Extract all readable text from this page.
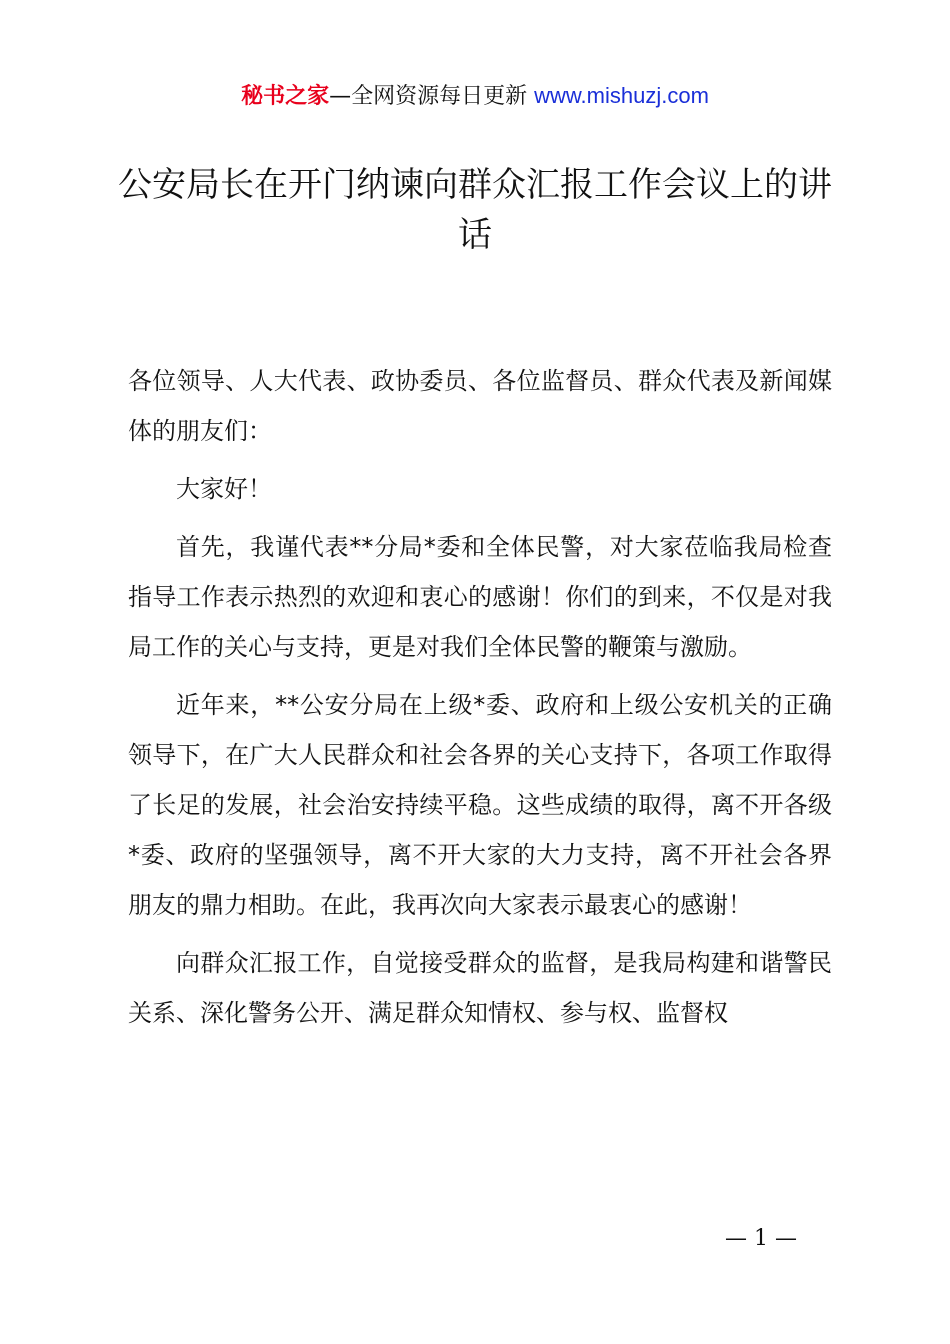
秘书之家—全网资源每日更新 www.mishuzj.com
公安局长在开门纳谏向群众汇报工作会议上的讲话

各位领导、人大代表、政协委员、各位监督员、群众代表及新闻媒体的朋友们：

大家好！

首先，我谨代表**分局*委和全体民警，对大家莅临我局检查指导工作表示热烈的欢迎和衷心的感谢！你们的到来，不仅是对我局工作的关心与支持，更是对我们全体民警的鞭策与激励。

近年来，**公安分局在上级*委、政府和上级公安机关的正确领导下，在广大人民群众和社会各界的关心支持下，各项工作取得了长足的发展，社会治安持续平稳。这些成绩的取得，离不开各级*委、政府的坚强领导，离不开大家的大力支持，离不开社会各界朋友的鼎力相助。在此，我再次向大家表示最衷心的感谢！

向群众汇报工作，自觉接受群众的监督，是我局构建和谐警民关系、深化警务公开、满足群众知情权、参与权、监督权

— 1 —
